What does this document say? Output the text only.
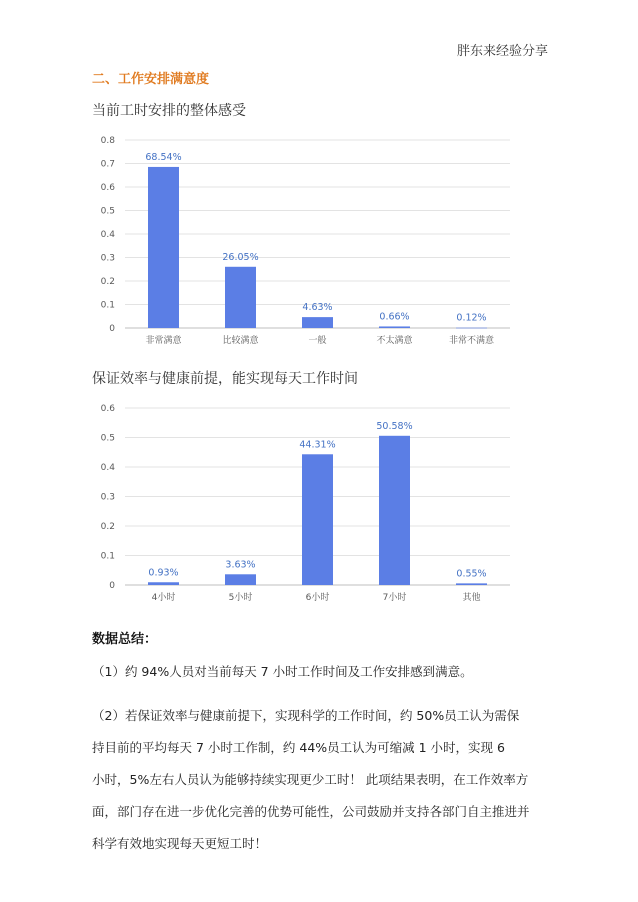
胖东来经验分享
二、工作安排满意度
当前工时安排的整体感受
0
0.1
0.2
0.3
0.4
0.5
0.6
0.7
0.8
68.54%
非常满意
26.05%
比较满意
4.63%
一般
0.66%
不太满意
0.12%
非常不满意
保证效率与健康前提，能实现每天工作时间
0
0.1
0.2
0.3
0.4
0.5
0.6
0.93%
4小时
3.63%
5小时
44.31%
6小时
50.58%
7小时
0.55%
其他
数据总结：
（1）约 94%人员对当前每天 7 小时工作时间及工作安排感到满意。
（2）若保证效率与健康前提下，实现科学的工作时间，约 50%员工认为需保
持目前的平均每天 7 小时工作制，约 44%员工认为可缩减 1 小时，实现 6
小时，5%左右人员认为能够持续实现更少工时！ 此项结果表明，在工作效率方
面，部门存在进一步优化完善的优势可能性，公司鼓励并支持各部门自主推进并
科学有效地实现每天更短工时！
